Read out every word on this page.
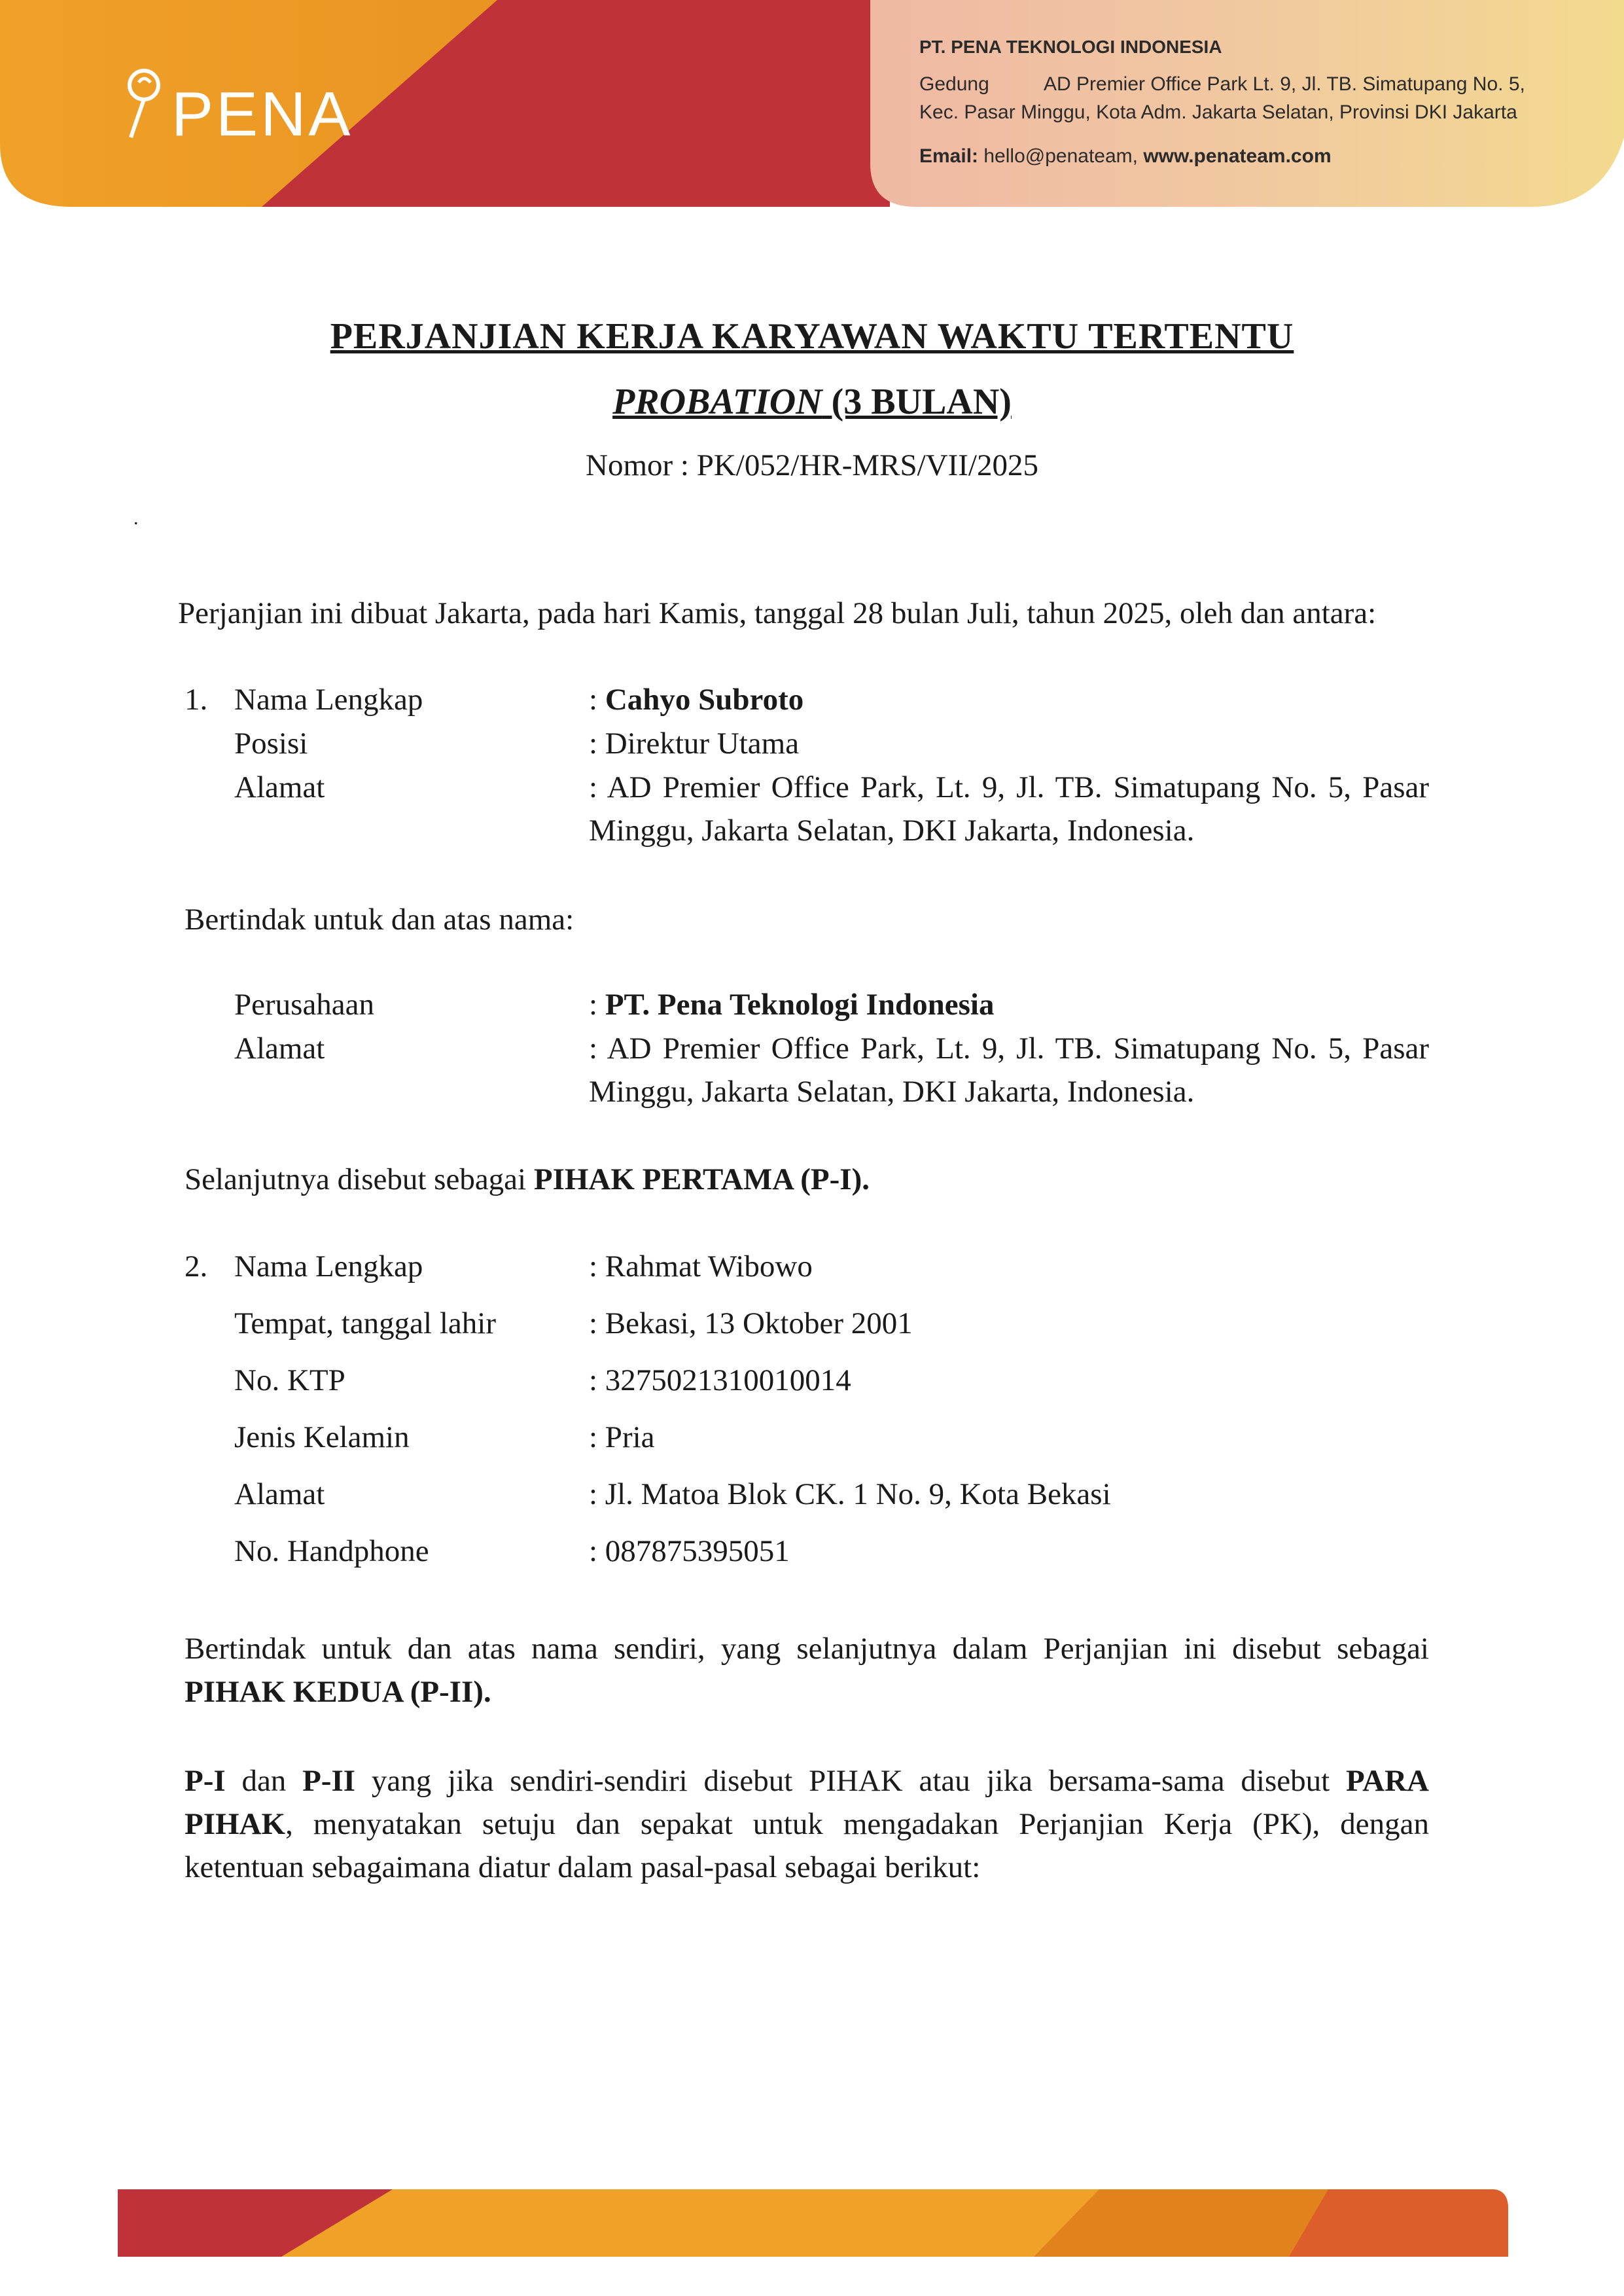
PENA
PT. PENA TEKNOLOGI INDONESIA
Gedung	AD Premier Office Park Lt. 9, Jl. TB. Simatupang No. 5,
Kec. Pasar Minggu, Kota Adm. Jakarta Selatan, Provinsi DKI Jakarta
Email: hello@penateam, www.penateam.com
PERJANJIAN KERJA KARYAWAN WAKTU TERTENTU
PROBATION (3 BULAN)
Nomor : PK/052/HR-MRS/VII/2025
.
Perjanjian ini dibuat Jakarta, pada hari Kamis, tanggal 28 bulan Juli, tahun 2025, oleh dan antara:
1. Nama Lengkap	: Cahyo Subroto
Posisi	: Direktur Utama
Alamat	: AD Premier Office Park, Lt. 9, Jl. TB. Simatupang No. 5, Pasar Minggu, Jakarta Selatan, DKI Jakarta, Indonesia.
Bertindak untuk dan atas nama:
Perusahaan	: PT. Pena Teknologi Indonesia
Alamat	: AD Premier Office Park, Lt. 9, Jl. TB. Simatupang No. 5, Pasar Minggu, Jakarta Selatan, DKI Jakarta, Indonesia.
Selanjutnya disebut sebagai PIHAK PERTAMA (P-I).
2. Nama Lengkap	: Rahmat Wibowo
Tempat, tanggal lahir	: Bekasi, 13 Oktober 2001
No. KTP	: 3275021310010014
Jenis Kelamin	: Pria
Alamat	: Jl. Matoa Blok CK. 1 No. 9, Kota Bekasi
No. Handphone	: 087875395051
Bertindak untuk dan atas nama sendiri, yang selanjutnya dalam Perjanjian ini disebut sebagai PIHAK KEDUA (P-II).
P-I dan P-II yang jika sendiri-sendiri disebut PIHAK atau jika bersama-sama disebut PARA PIHAK, menyatakan setuju dan sepakat untuk mengadakan Perjanjian Kerja (PK), dengan ketentuan sebagaimana diatur dalam pasal-pasal sebagai berikut:
